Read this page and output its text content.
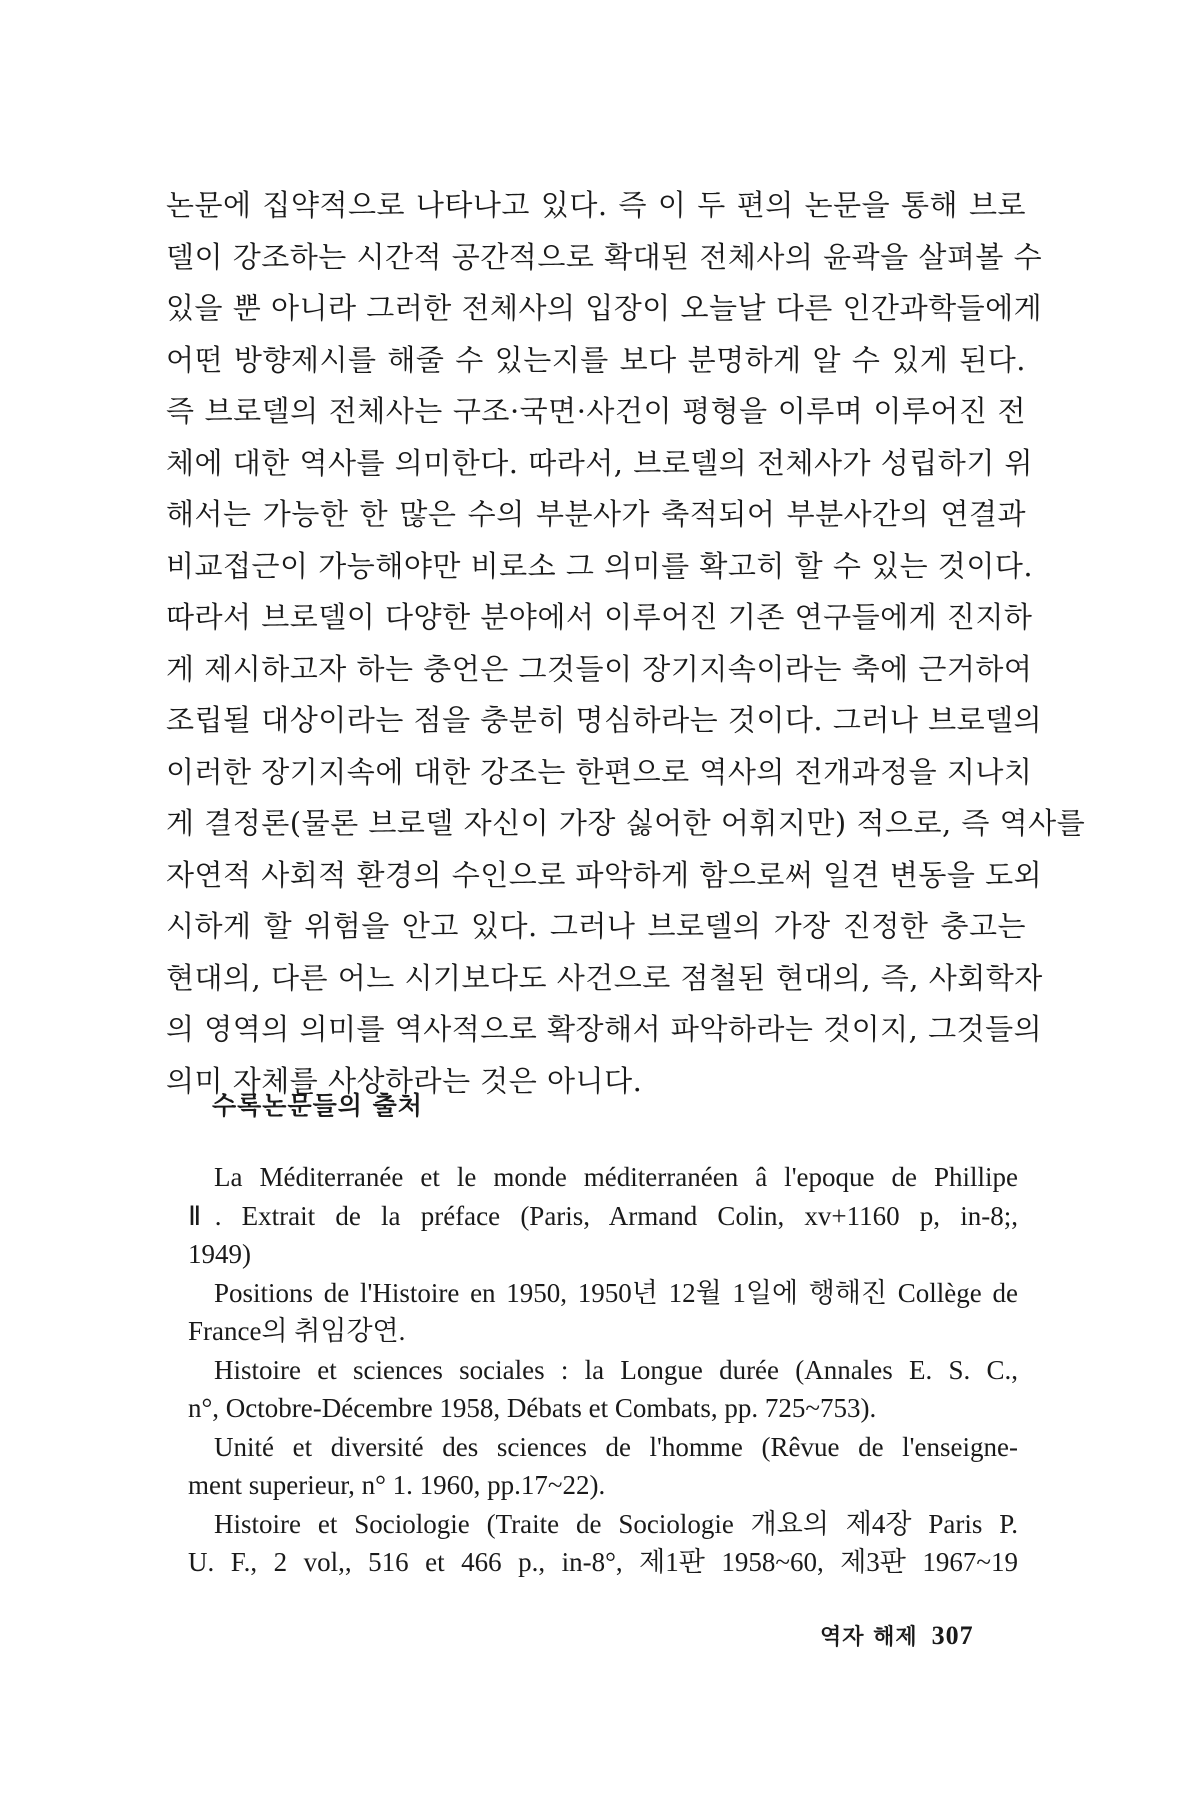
논문에 집약적으로 나타나고 있다. 즉 이 두 편의 논문을 통해 브로
델이 강조하는 시간적 공간적으로 확대된 전체사의 윤곽을 살펴볼 수
있을 뿐 아니라 그러한 전체사의 입장이 오늘날 다른 인간과학들에게
어떤 방향제시를 해줄 수 있는지를 보다 분명하게 알 수 있게 된다.
즉 브로델의 전체사는 구조·국면·사건이 평형을 이루며 이루어진 전
체에 대한 역사를 의미한다. 따라서, 브로델의 전체사가 성립하기 위
해서는 가능한 한 많은 수의 부분사가 축적되어 부분사간의 연결과
비교접근이 가능해야만 비로소 그 의미를 확고히 할 수 있는 것이다.
따라서 브로델이 다양한 분야에서 이루어진 기존 연구들에게 진지하
게 제시하고자 하는 충언은 그것들이 장기지속이라는 축에 근거하여
조립될 대상이라는 점을 충분히 명심하라는 것이다. 그러나 브로델의
이러한 장기지속에 대한 강조는 한편으로 역사의 전개과정을 지나치
게 결정론(물론 브로델 자신이 가장 싫어한 어휘지만) 적으로, 즉 역사를
자연적 사회적 환경의 수인으로 파악하게 함으로써 일견 변동을 도외
시하게 할 위험을 안고 있다. 그러나 브로델의 가장 진정한 충고는
현대의, 다른 어느 시기보다도 사건으로 점철된 현대의, 즉, 사회학자
의 영역의 의미를 역사적으로 확장해서 파악하라는 것이지, 그것들의
의미 자체를 사상하라는 것은 아니다.
수록논문들의 출처
La Méditerranée et le monde méditerranéen â l'epoque de Phillipe
Ⅱ. Extrait de la préface (Paris, Armand Colin, xv+1160 p, in-8;,
1949)
Positions de l'Histoire en 1950, 1950년 12월 1일에 행해진 Collège de
France의 취임강연.
Histoire et sciences sociales : la Longue durée (Annales E. S. C.,
n°, Octobre-Décembre 1958, Débats et Combats, pp. 725~753).
Unité et diversité des sciences de l'homme (Rêvue de l'enseigne-
ment superieur, n° 1. 1960, pp.17~22).
Histoire et Sociologie (Traite de Sociologie 개요의 제4장 Paris P.
U. F., 2 vol,, 516 et 466 p., in-8°, 제1판 1958~60, 제3판 1967~19
역자 해제 307
